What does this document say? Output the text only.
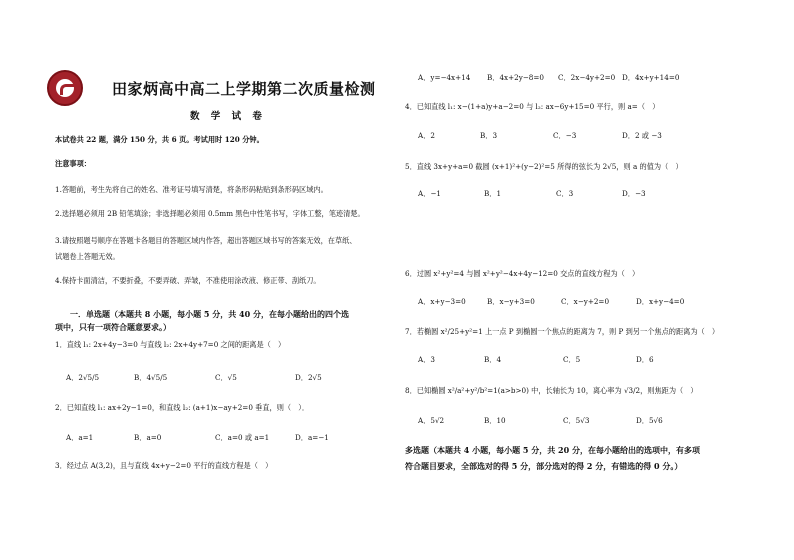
田家炳高中高二上学期第二次质量检测
数 学 试 卷
本试卷共 22 题，满分 150 分，共 6 页。考试用时 120 分钟。
注意事项：
1.答题前，考生先将自己的姓名、准考证号填写清楚，将条形码粘贴到条形码区域内。
2.选择题必须用 2B 铅笔填涂；非选择题必须用 0.5mm 黑色中性笔书写，字体工整，笔迹清楚。
3.请按照题号顺序在答题卡各题目的答题区域内作答，超出答题区域书写的答案无效，在草纸、
试题卷上答题无效。
4.保持卡面清洁，不要折叠，不要弄破、弄皱，不准使用涂改液、修正带、刮纸刀。
一．单选题（本题共 8 小题，每小题 5 分，共 40 分，在每小题给出的四个选
项中，只有一项符合题意要求。）
1．直线 l₁: 2x+4y−3=0 与直线 l₂: 2x+4y+7=0 之间的距离是（　）
A．2√5/5	B．4√5/5	C．√5	D．2√5
2．已知直线 l₁: ax+2y−1=0，和直线 l₂: (a+1)x−ay+2=0 垂直，则（　）．
A．a=1	B．a=0	C．a=0 或 a=1	D．a=−1
3．经过点 A(3,2)，且与直线 4x+y−2=0 平行的直线方程是（　）
A．y=−4x+14 B．4x+2y−8=0 C．2x−4y+2=0 D．4x+y+14=0
4．已知直线 l₁: x−(1+a)y+a−2=0 与 l₂: ax−6y+15=0 平行，则 a=（　）
A．2	B．3	C．−3	D．2 或 −3
5．直线 3x+y+a=0 截圆 (x+1)²+(y−2)²=5 所得的弦长为 2√5，则 a 的值为（　）
A．−1	B．1	C．3	D．−3
6．过圆 x²+y²=4 与圆 x²+y²−4x+4y−12=0 交点的直线方程为（　）
A．x+y−3=0	B．x−y+3=0	C．x−y+2=0	D．x+y−4=0
7．若椭圆 x²/25+y²=1 上一点 P 到椭圆一个焦点的距离为 7，则 P 到另一个焦点的距离为（　）
A．3	B．4	C．5	D．6
8．已知椭圆 x²/a²+y²/b²=1(a>b>0) 中，长轴长为 10，离心率为 √3/2，则焦距为（　）
A．5√2	B．10	C．5√3	D．5√6
多选题（本题共 4 小题，每小题 5 分，共 20 分，在每小题给出的选项中，有多项
符合题目要求，全部选对的得 5 分，部分选对的得 2 分，有错选的得 0 分。）
